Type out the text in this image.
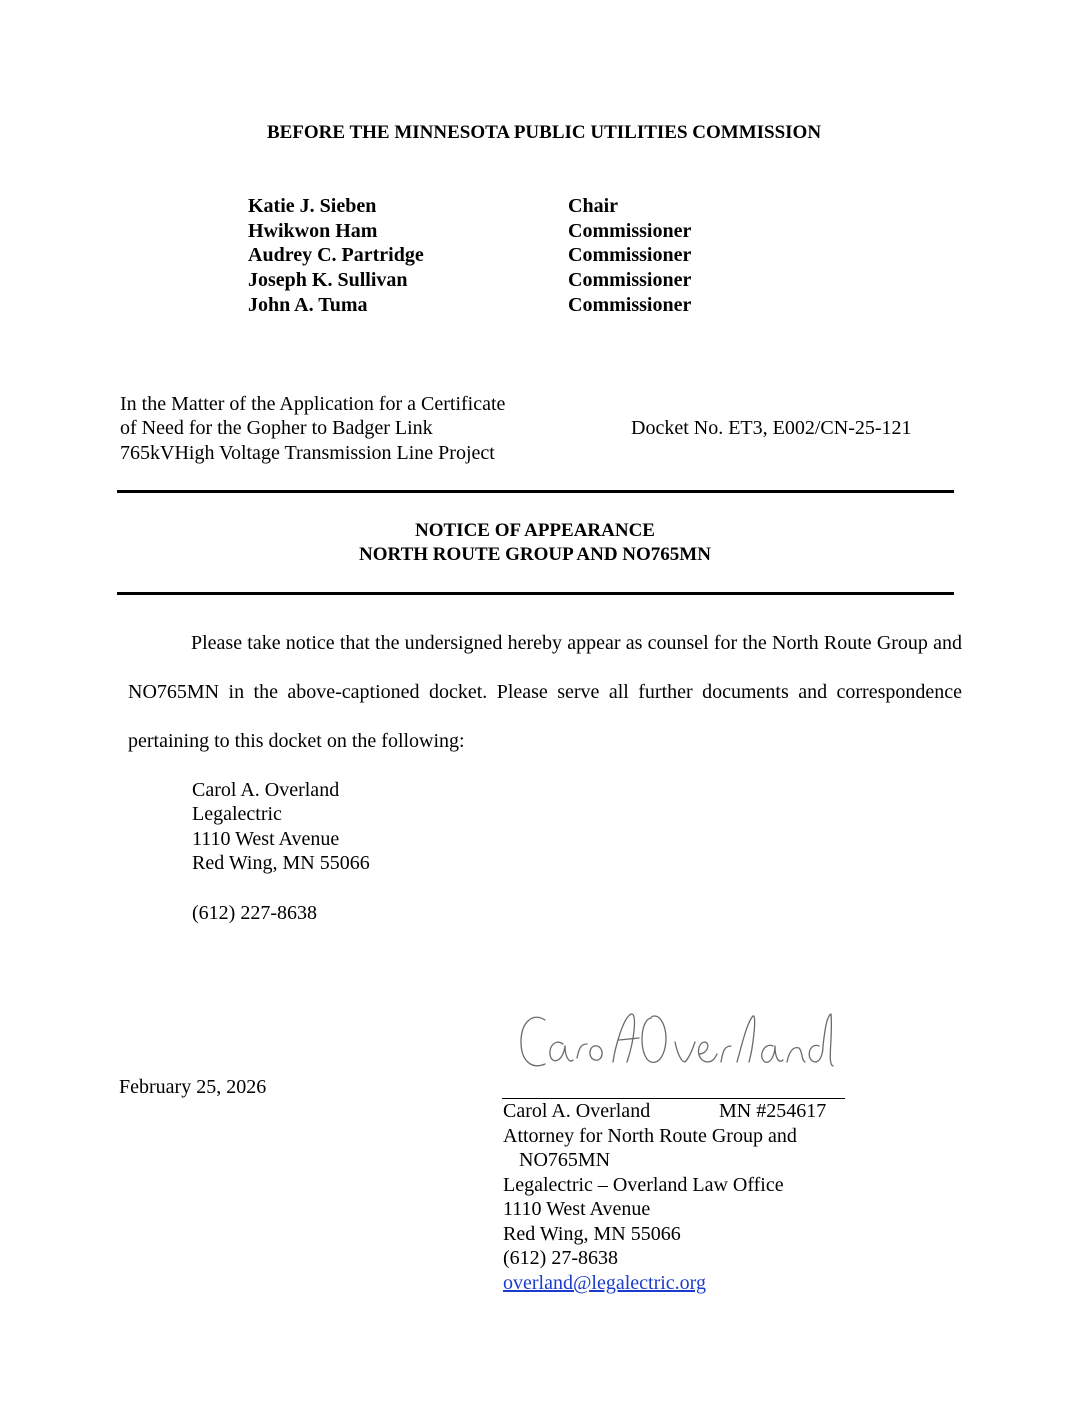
BEFORE THE MINNESOTA PUBLIC UTILITIES COMMISSION
Katie J. Sieben	Chair
Hwikwon Ham	Commissioner
Audrey C. Partridge	Commissioner
Joseph K. Sullivan	Commissioner
John A. Tuma	Commissioner
In the Matter of the Application for a Certificate
of Need for the Gopher to Badger Link
765kVHigh Voltage Transmission Line Project
Docket No. ET3, E002/CN-25-121
NOTICE OF APPEARANCE
NORTH ROUTE GROUP AND NO765MN

Please take notice that the undersigned hereby appear as counsel for the North Route Group and NO765MN in the above-captioned docket. Please serve all further documents and correspondence pertaining to this docket on the following:

Carol A. Overland
Legalectric
1110 West Avenue
Red Wing, MN 55066
(612) 227-8638
February 25, 2026
Carol A. Overland	MN #254617
Attorney for North Route Group and
NO765MN
Legalectric – Overland Law Office
1110 West Avenue
Red Wing, MN 55066
(612) 27-8638
overland@legalectric.org
